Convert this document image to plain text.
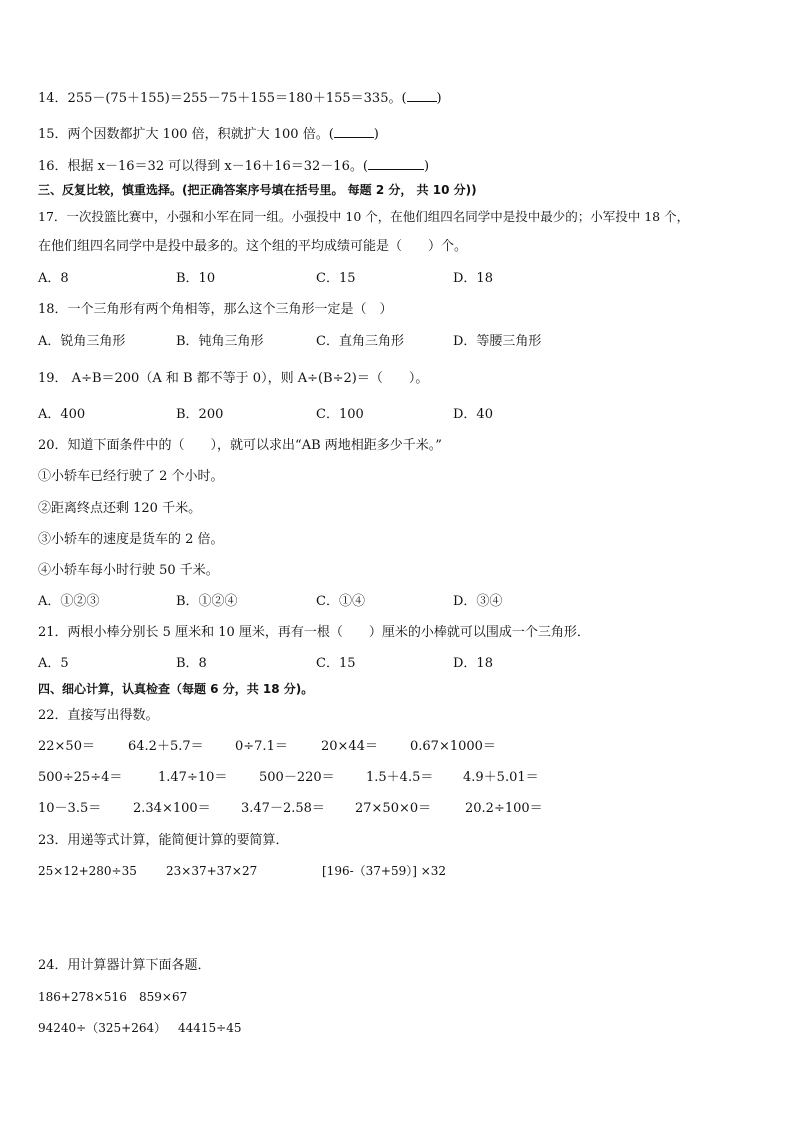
14．255－(75＋155)＝255－75＋155＝180＋155＝335。( )
15．两个因数都扩大 100 倍，积就扩大 100 倍。(	)
16．根据 x－16＝32 可以得到 x－16＋16＝32－16。(	)
三、反复比较，慎重选择。(把正确答案序号填在括号里。 每题 2 分， 共 10 分))
17．一次投篮比赛中，小强和小军在同一组。小强投中 10 个，在他们组四名同学中是投中最少的；小军投中 18 个，
在他们组四名同学中是投中最多的。这个组的平均成绩可能是（　　）个。
A．8	B．10	C．15	D．18
18．一个三角形有两个角相等，那么这个三角形一定是（　）
A．锐角三角形	B．钝角三角形	C．直角三角形	D．等腰三角形
19． A÷B＝200（A 和 B 都不等于 0），则 A÷(B÷2)＝（　　）。
A．400	B．200	C．100	D．40
20．知道下面条件中的（　　），就可以求出“AB 两地相距多少千米。”
①小轿车已经行驶了 2 个小时。
②距离终点还剩 120 千米。
③小轿车的速度是货车的 2 倍。
④小轿车每小时行驶 50 千米。
A．①②③	B．①②④	C．①④	D．③④
21．两根小棒分别长 5 厘米和 10 厘米，再有一根（　　）厘米的小棒就可以围成一个三角形．
A．5	B．8	C．15	D．18
四、细心计算，认真检查（每题 6 分，共 18 分)。
22．直接写出得数。
22×50＝	64.2＋5.7＝ 0÷7.1＝	20×44＝ 0.67×1000＝
500÷25÷4＝	1.47÷10＝ 500－220＝ 1.5＋4.5＝ 4.9＋5.01＝
10－3.5＝ 2.34×100＝ 3.47－2.58＝ 27×50×0＝	20.2÷100＝
23．用递等式计算，能简便计算的要简算．
25×12+280÷35 23×37+37×27	[196-（37+59）] ×32
24．用计算器计算下面各题．
186+278×516 859×67
94240÷（325+264） 44415÷45
